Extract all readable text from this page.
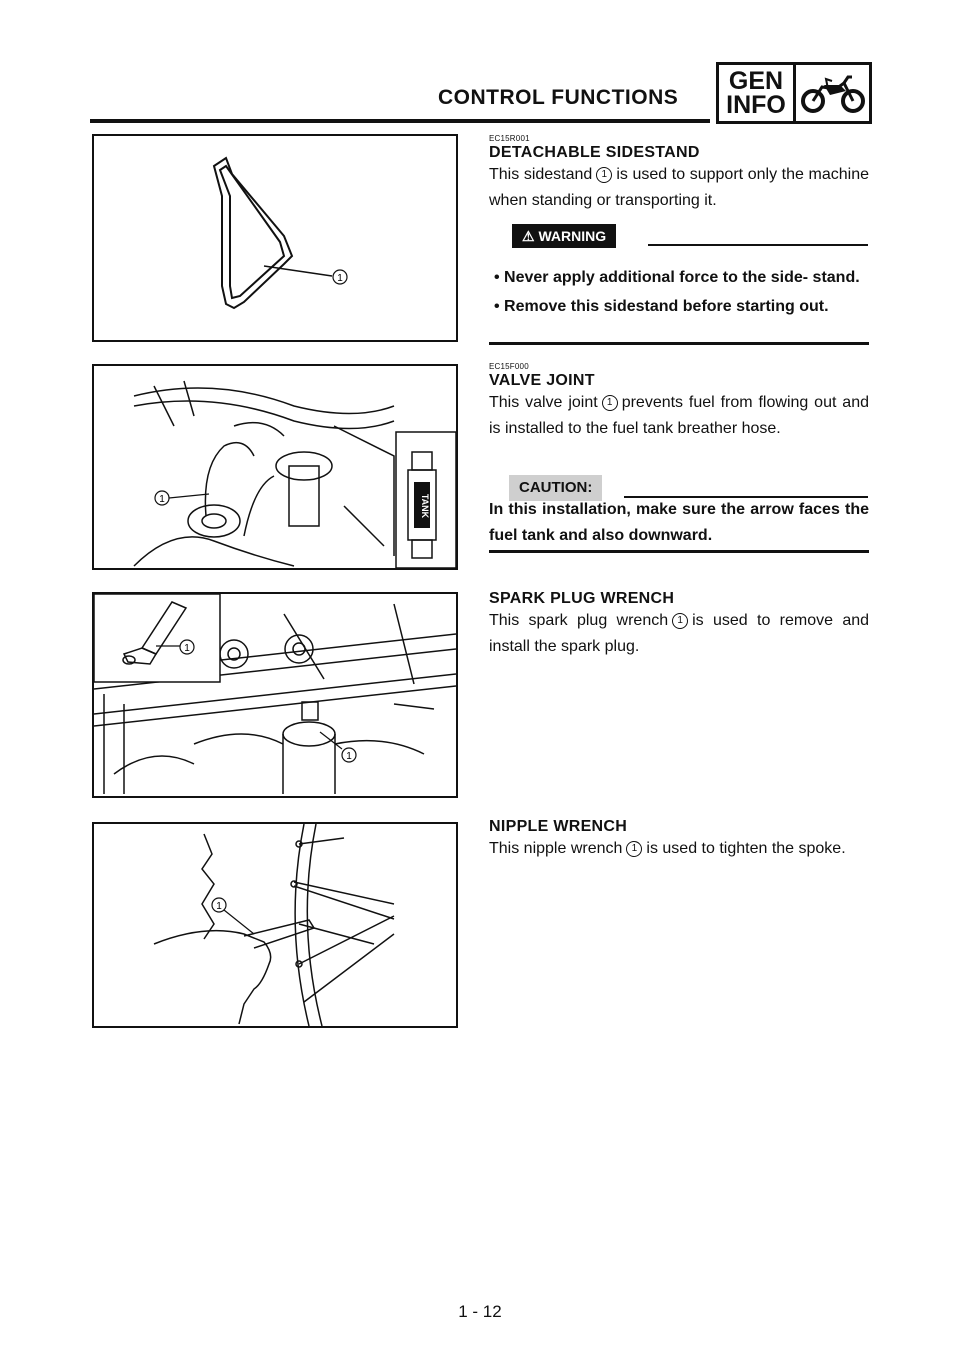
CONTROL FUNCTIONS
GEN
INFO
1
EC15R001
DETACHABLE SIDESTAND
This sidestand 1 is used to support only the machine when standing or transporting it.
⚠ WARNING
• Never apply additional force to the side- stand.
• Remove this sidestand before starting out.
1	TANK
EC15F000
VALVE JOINT
This valve joint 1 prevents fuel from flowing out and is installed to the fuel tank breather hose.
CAUTION:
In this installation, make sure the arrow faces the fuel tank and also downward.
1
1
SPARK PLUG WRENCH
This spark plug wrench 1 is used to remove and install the spark plug.
1
NIPPLE WRENCH
This nipple wrench 1 is used to tighten the spoke.
1 - 12
